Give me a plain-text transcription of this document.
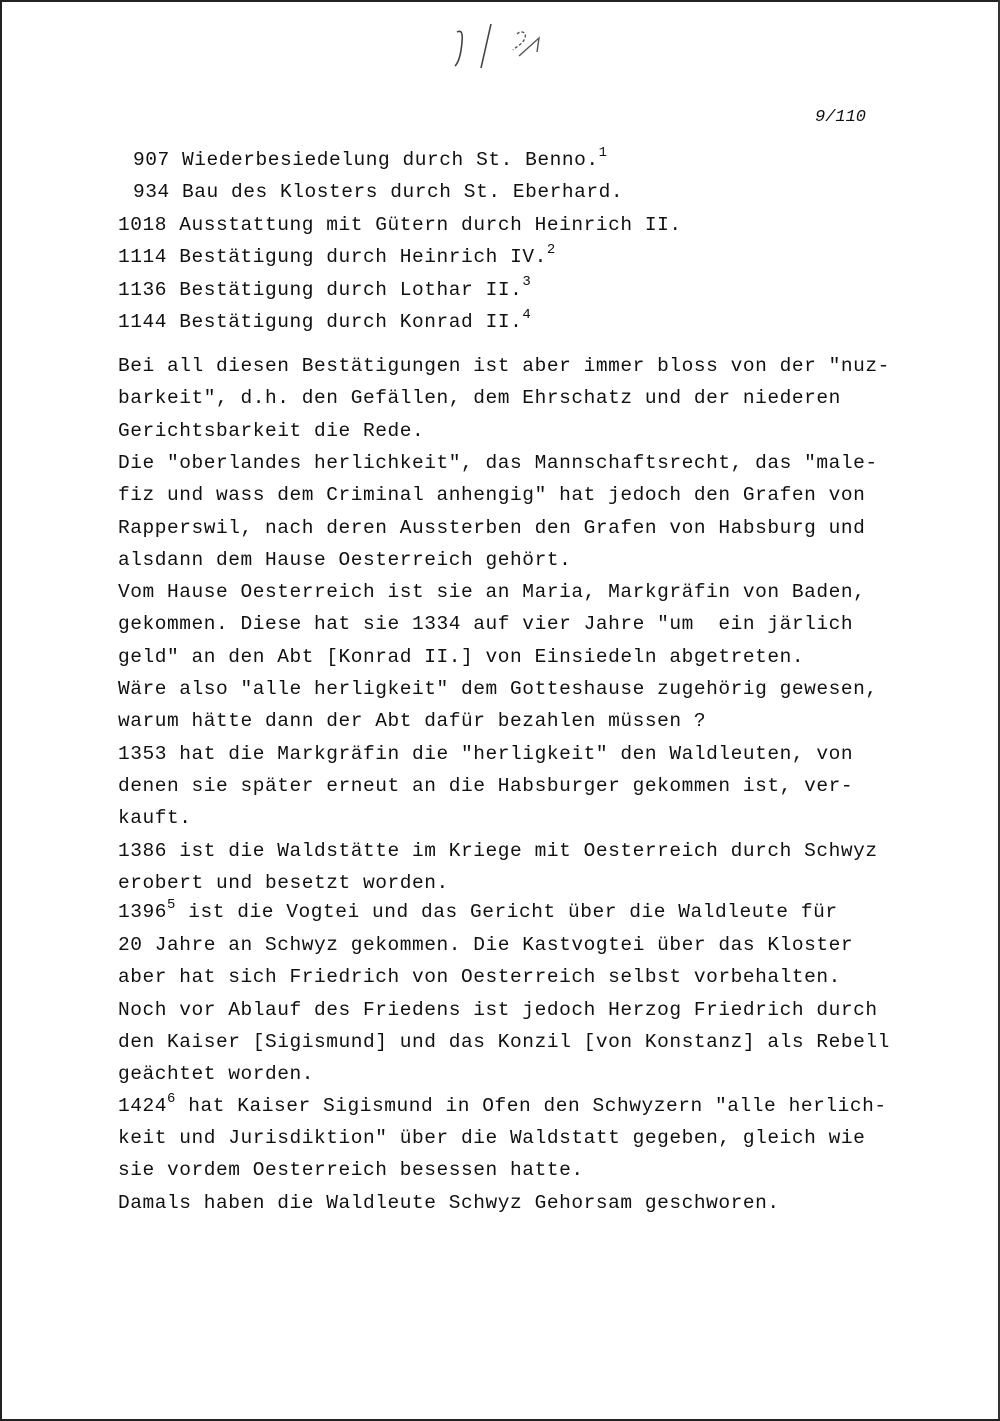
9/110
907 Wiederbesiedelung durch St. Benno.$^1$
934 Bau des Klosters durch St. Eberhard.
1018 Ausstattung mit Gütern durch Heinrich II.
1114 Bestätigung durch Heinrich IV.$^2$
1136 Bestätigung durch Lothar II.$^3$
1144 Bestätigung durch Konrad II.$^4$
Bei all diesen Bestätigungen ist aber immer bloss von der "nuz-
barkeit", d.h. den Gefällen, dem Ehrschatz und der niederen
Gerichtsbarkeit die Rede.
Die "oberlandes herlichkeit", das Mannschaftsrecht, das "male-
fiz und wass dem Criminal anhengig" hat jedoch den Grafen von
Rapperswil, nach deren Aussterben den Grafen von Habsburg und
alsdann dem Hause Oesterreich gehört.
Vom Hause Oesterreich ist sie an Maria, Markgräfin von Baden,
gekommen. Diese hat sie 1334 auf vier Jahre "um  ein järlich
geld" an den Abt [Konrad II.] von Einsiedeln abgetreten.
Wäre also "alle herligkeit" dem Gotteshause zugehörig gewesen,
warum hätte dann der Abt dafür bezahlen müssen ?
1353 hat die Markgräfin die "herligkeit" den Waldleuten, von
denen sie später erneut an die Habsburger gekommen ist, ver-
kauft.
1386 ist die Waldstätte im Kriege mit Oesterreich durch Schwyz
erobert und besetzt worden.
1396$^5$ ist die Vogtei und das Gericht über die Waldleute für
20 Jahre an Schwyz gekommen. Die Kastvogtei über das Kloster
aber hat sich Friedrich von Oesterreich selbst vorbehalten.
Noch vor Ablauf des Friedens ist jedoch Herzog Friedrich durch
den Kaiser [Sigismund] und das Konzil [von Konstanz] als Rebell
geächtet worden.
1424$^6$ hat Kaiser Sigismund in Ofen den Schwyzern "alle herlich-
keit und Jurisdiktion" über die Waldstatt gegeben, gleich wie
sie vordem Oesterreich besessen hatte.
Damals haben die Waldleute Schwyz Gehorsam geschworen.
